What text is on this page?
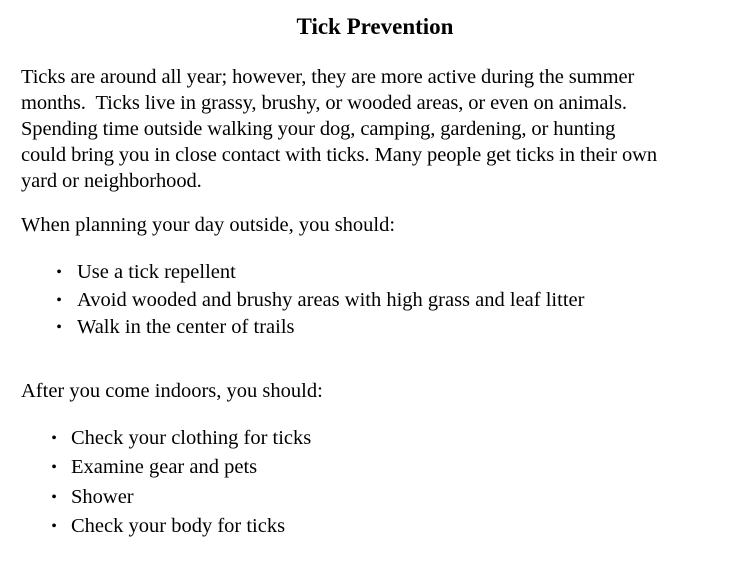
Tick Prevention

Ticks are around all year; however, they are more active during the summer
months.  Ticks live in grassy, brushy, or wooded areas, or even on animals.
Spending time outside walking your dog, camping, gardening, or hunting
could bring you in close contact with ticks. Many people get ticks in their own
yard or neighborhood.

When planning your day outside, you should:

• Use a tick repellent
• Avoid wooded and brushy areas with high grass and leaf litter
• Walk in the center of trails

After you come indoors, you should:

• Check your clothing for ticks
• Examine gear and pets
• Shower
• Check your body for ticks
